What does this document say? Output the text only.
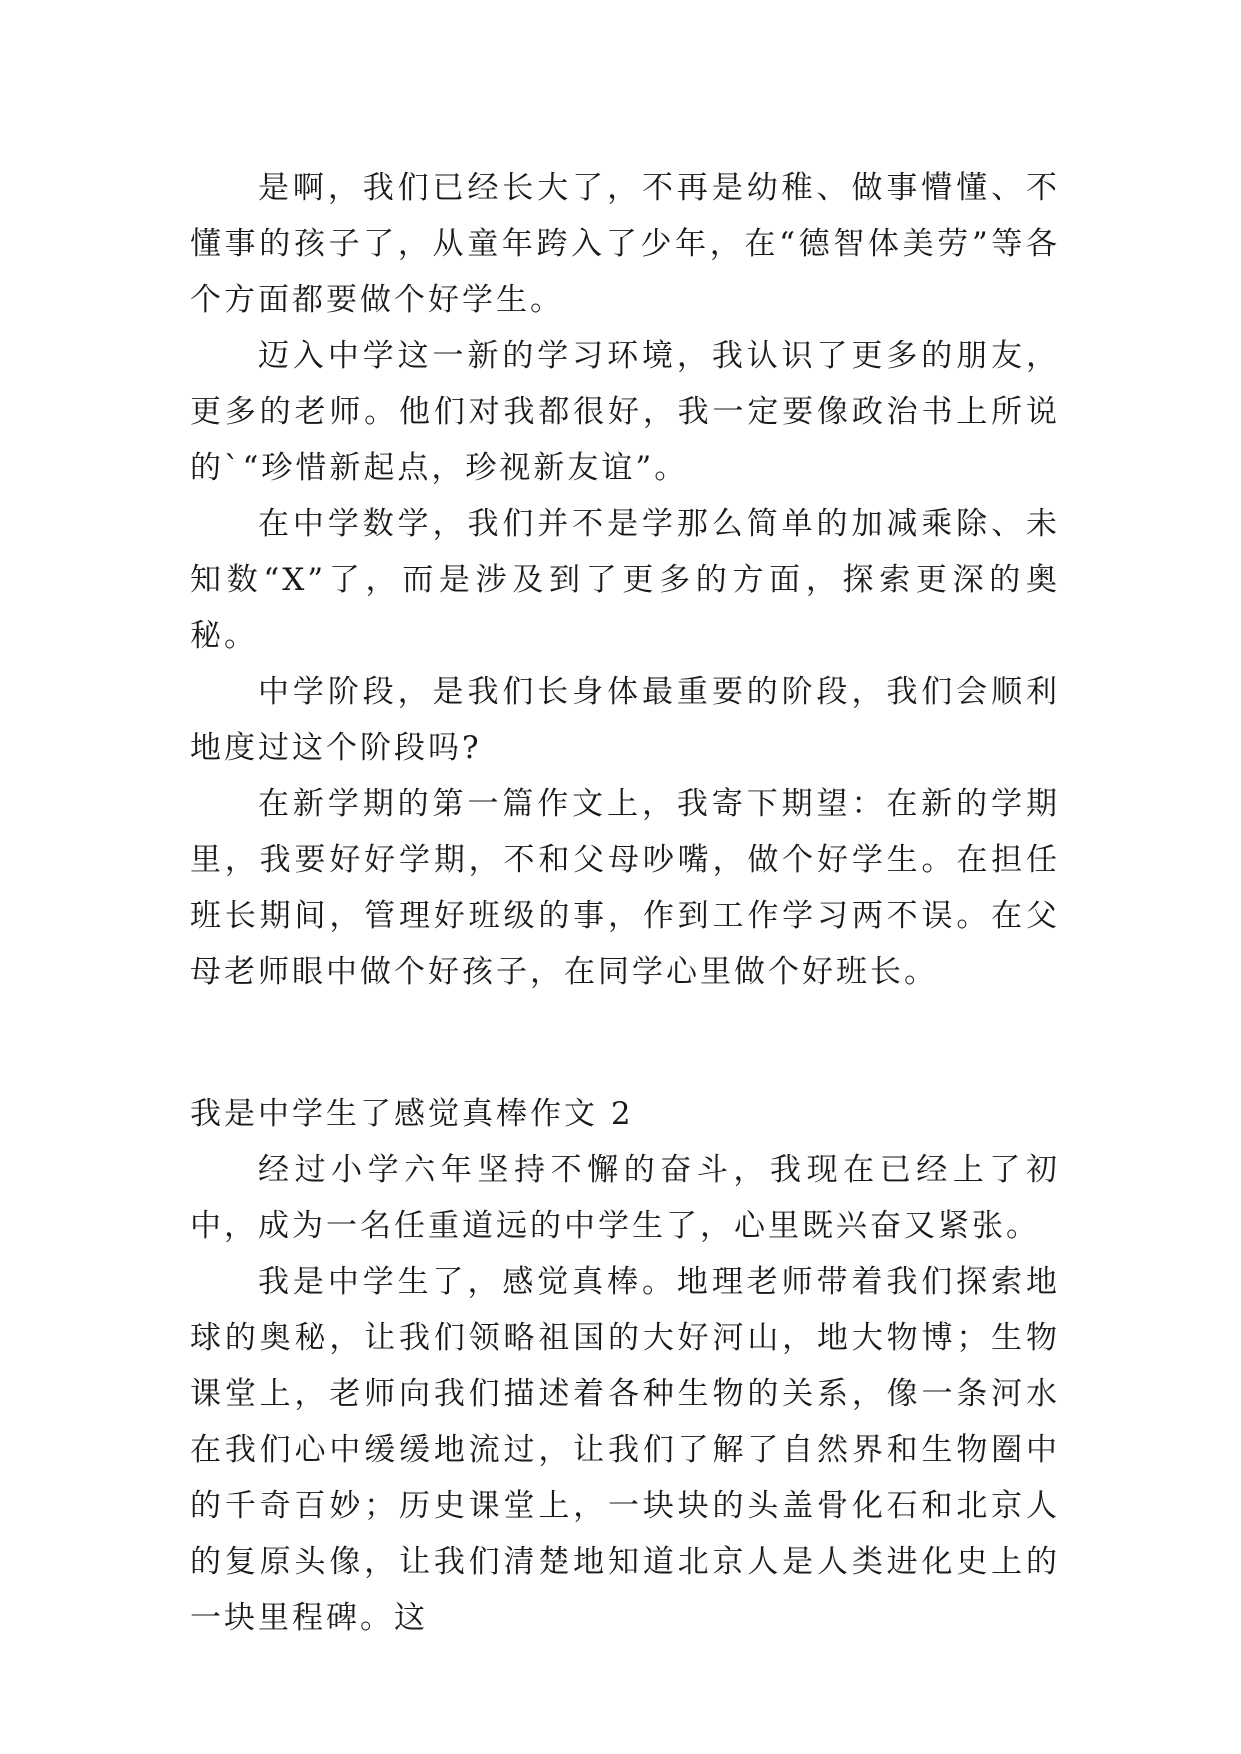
是啊，我们已经长大了，不再是幼稚、做事懵懂、不懂事的孩子了，从童年跨入了少年，在“德智体美劳”等各个方面都要做个好学生。

迈入中学这一新的学习环境，我认识了更多的朋友，更多的老师。他们对我都很好，我一定要像政治书上所说的`“珍惜新起点，珍视新友谊”。

在中学数学，我们并不是学那么简单的加减乘除、未知数“X”了，而是涉及到了更多的方面，探索更深的奥秘。

中学阶段，是我们长身体最重要的阶段，我们会顺利地度过这个阶段吗?

在新学期的第一篇作文上，我寄下期望：在新的学期里，我要好好学期，不和父母吵嘴，做个好学生。在担任班长期间，管理好班级的事，作到工作学习两不误。在父母老师眼中做个好孩子，在同学心里做个好班长。

我是中学生了感觉真棒作文 2

经过小学六年坚持不懈的奋斗，我现在已经上了初中，成为一名任重道远的中学生了，心里既兴奋又紧张。

我是中学生了，感觉真棒。地理老师带着我们探索地球的奥秘，让我们领略祖国的大好河山，地大物博；生物课堂上，老师向我们描述着各种生物的关系，像一条河水在我们心中缓缓地流过，让我们了解了自然界和生物圈中的千奇百妙；历史课堂上，一块块的头盖骨化石和北京人的复原头像，让我们清楚地知道北京人是人类进化史上的一块里程碑。这
